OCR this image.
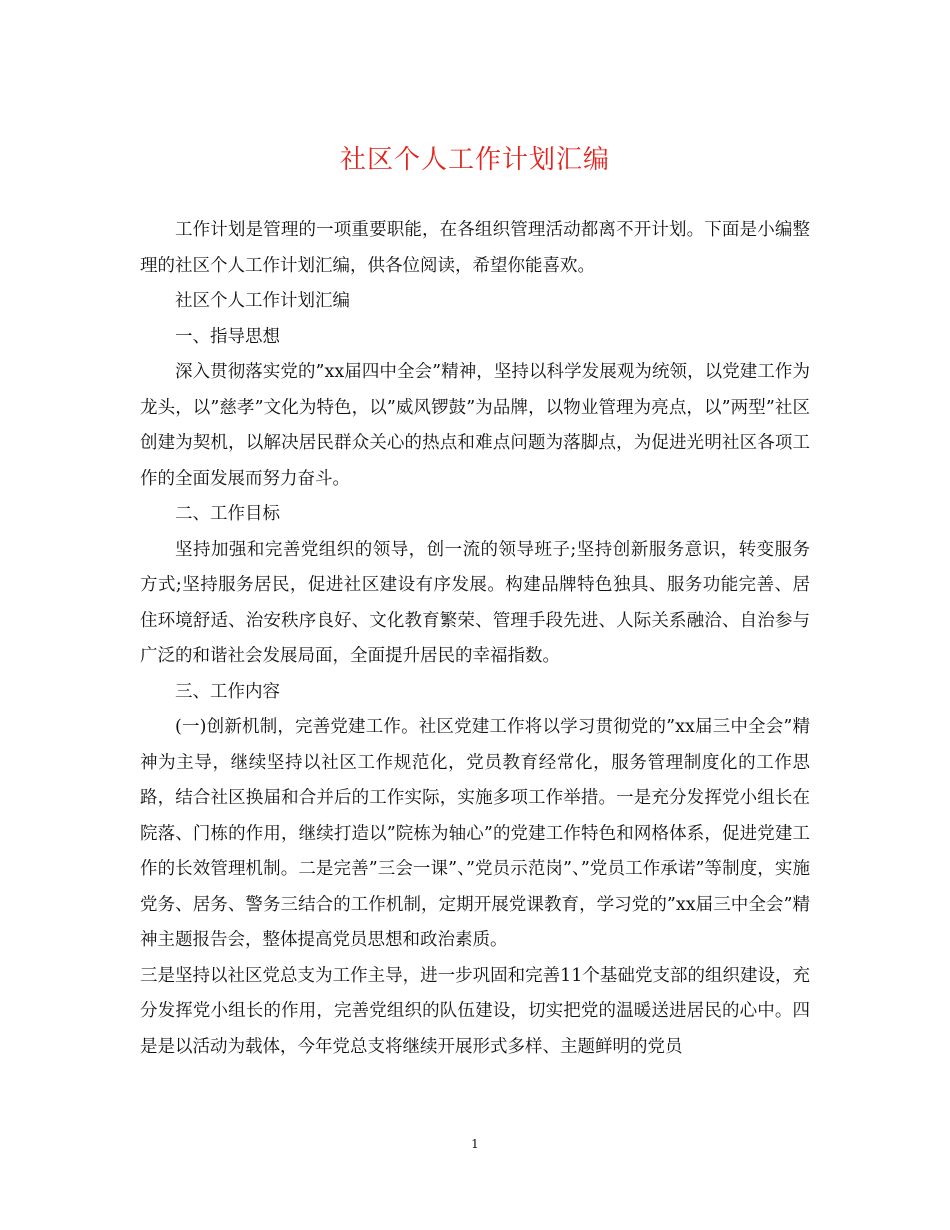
社区个人工作计划汇编

工作计划是管理的一项重要职能，在各组织管理活动都离不开计划。下面是小编整理的社区个人工作计划汇编，供各位阅读，希望你能喜欢。

社区个人工作计划汇编

一、指导思想

深入贯彻落实党的”xx届四中全会”精神，坚持以科学发展观为统领，以党建工作为龙头，以”慈孝”文化为特色，以”威风锣鼓”为品牌，以物业管理为亮点，以”两型”社区创建为契机，以解决居民群众关心的热点和难点问题为落脚点，为促进光明社区各项工作的全面发展而努力奋斗。

二、工作目标

坚持加强和完善党组织的领导，创一流的领导班子;坚持创新服务意识，转变服务方式;坚持服务居民，促进社区建设有序发展。构建品牌特色独具、服务功能完善、居住环境舒适、治安秩序良好、文化教育繁荣、管理手段先进、人际关系融洽、自治参与广泛的和谐社会发展局面，全面提升居民的幸福指数。

三、工作内容

(一)创新机制，完善党建工作。社区党建工作将以学习贯彻党的”xx届三中全会”精神为主导，继续坚持以社区工作规范化，党员教育经常化，服务管理制度化的工作思路，结合社区换届和合并后的工作实际，实施多项工作举措。一是充分发挥党小组长在院落、门栋的作用，继续打造以”院栋为轴心”的党建工作特色和网格体系，促进党建工作的长效管理机制。二是完善”三会一课”、”党员示范岗”、”党员工作承诺”等制度，实施党务、居务、警务三结合的工作机制，定期开展党课教育，学习党的”xx届三中全会”精神主题报告会，整体提高党员思想和政治素质。

三是坚持以社区党总支为工作主导，进一步巩固和完善11个基础党支部的组织建设，充分发挥党小组长的作用，完善党组织的队伍建设，切实把党的温暖送进居民的心中。四是是以活动为载体，今年党总支将继续开展形式多样、主题鲜明的党员

1
